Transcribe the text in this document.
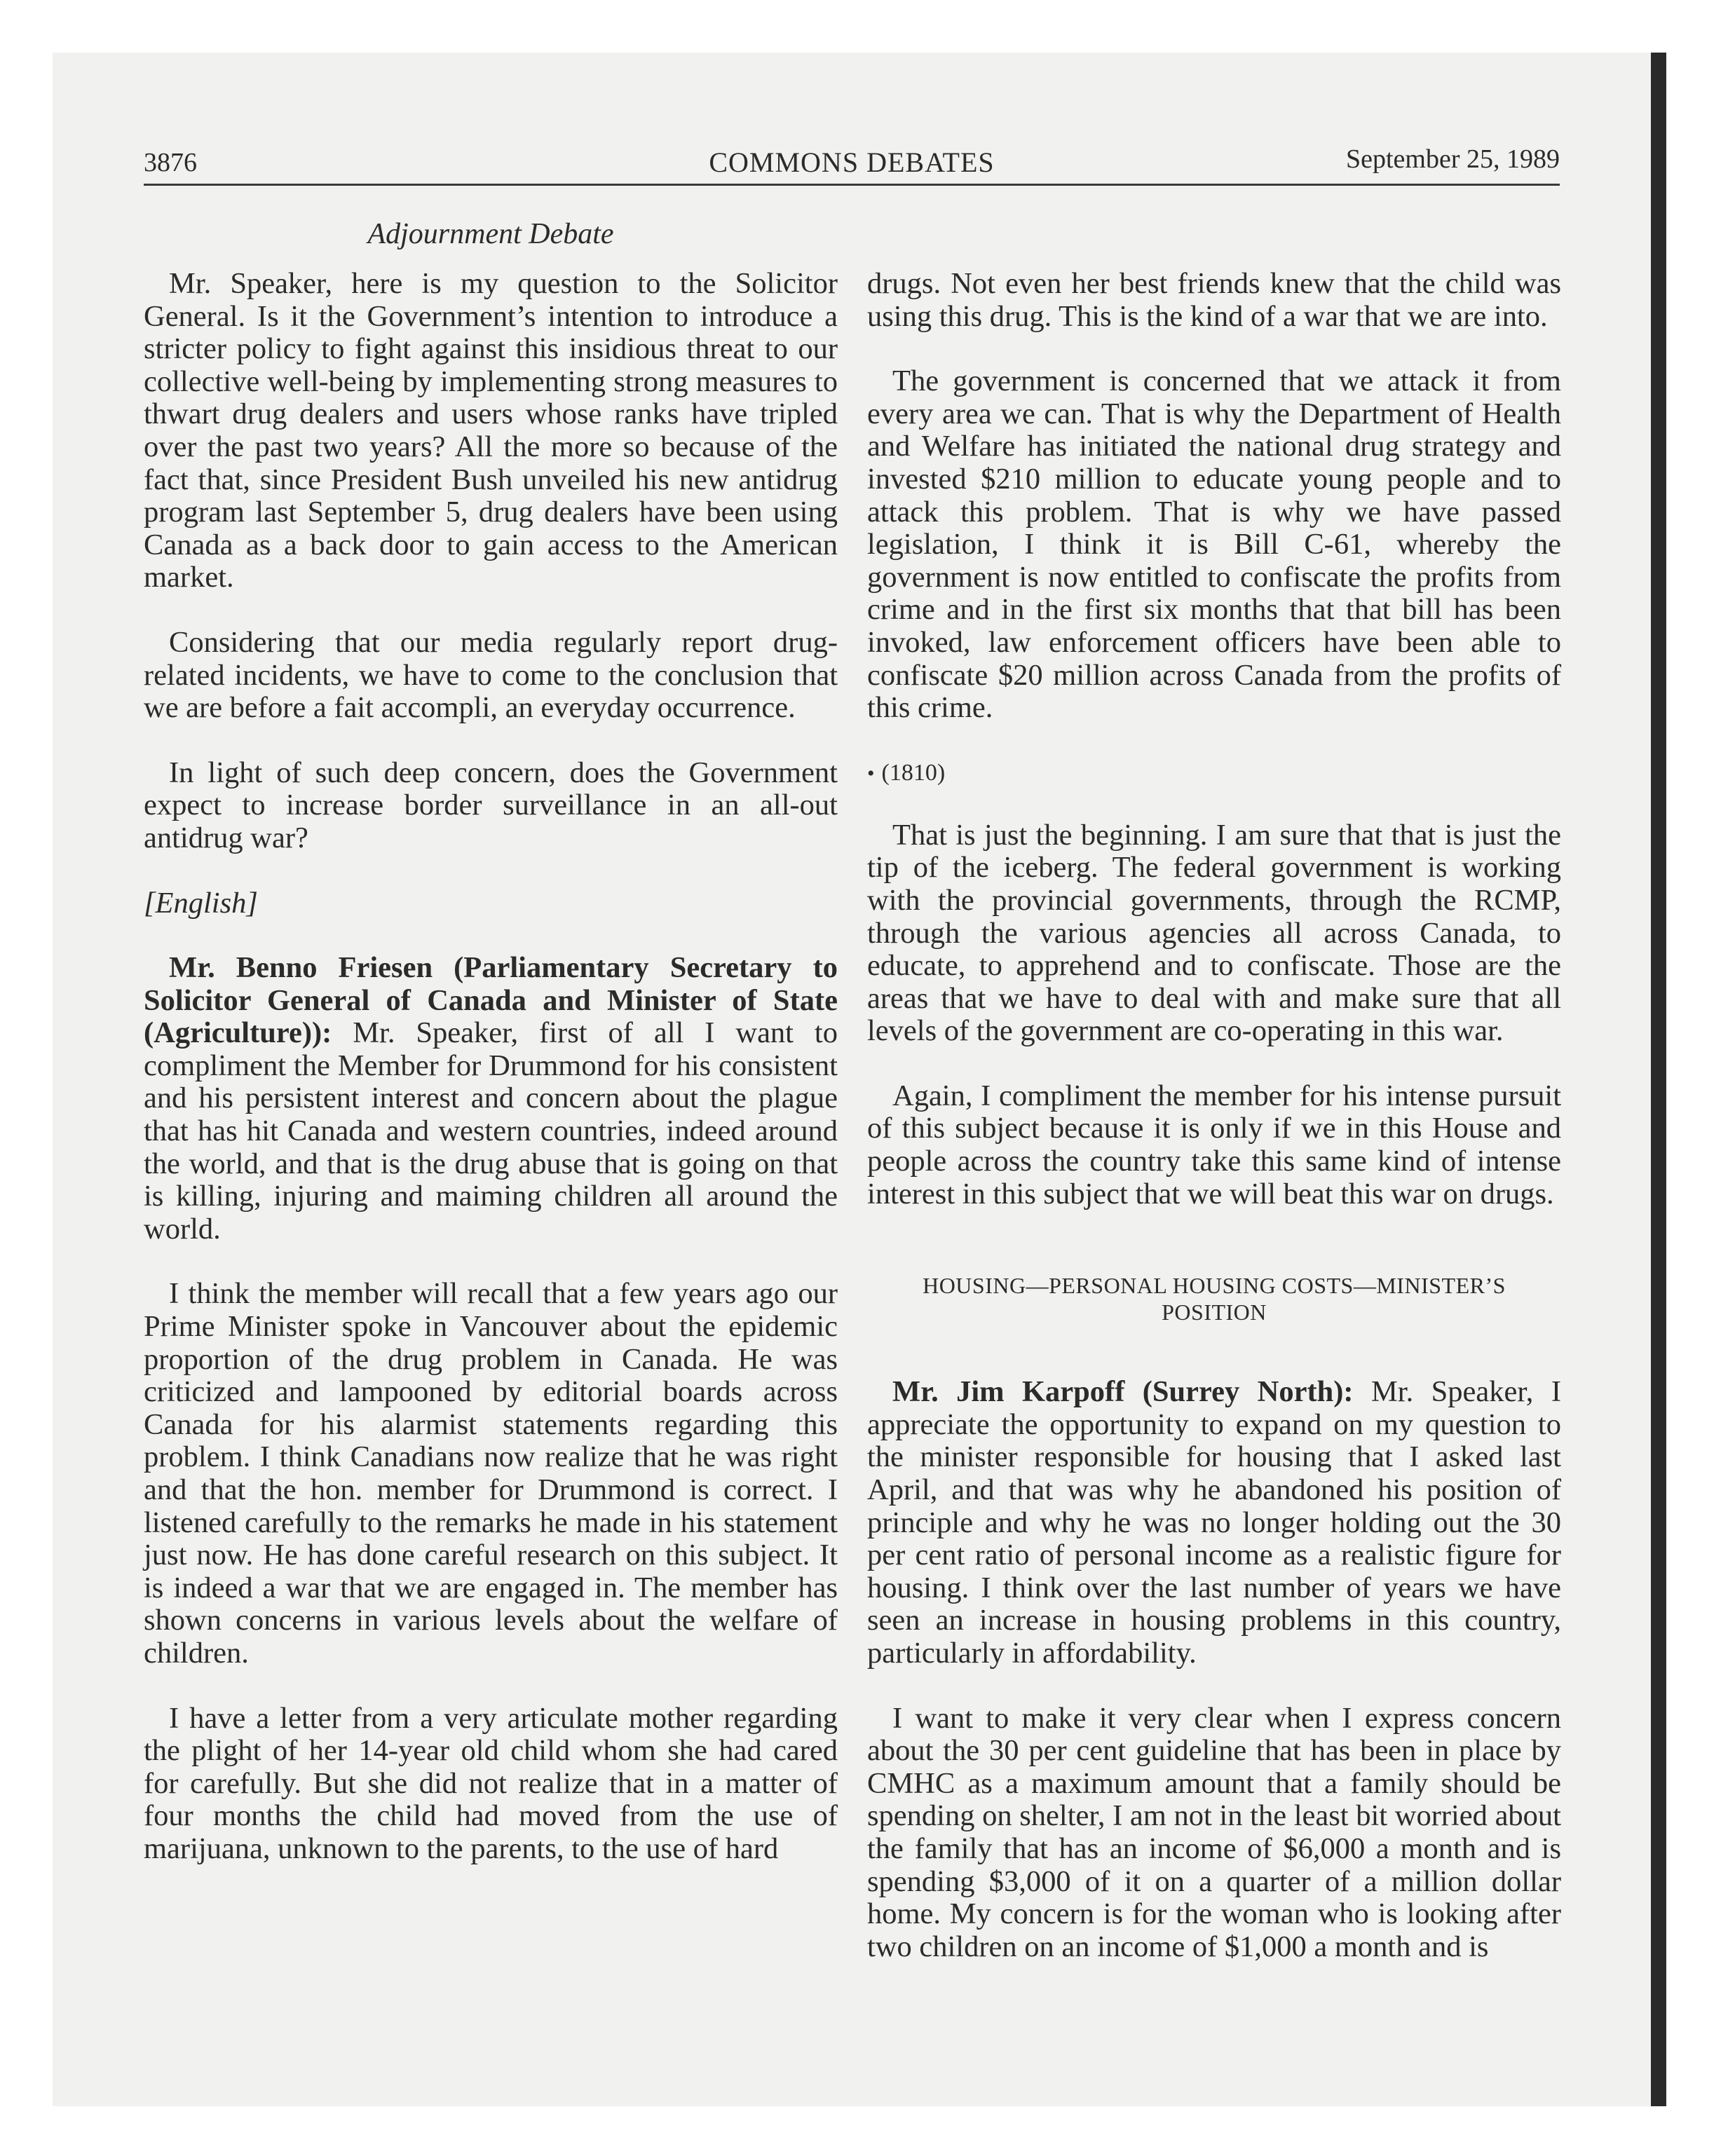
3876	COMMONS DEBATES	September 25, 1989
Adjournment Debate

Mr. Speaker, here is my question to the Solicitor General. Is it the Government’s intention to introduce a stricter policy to fight against this insidious threat to our collective well-being by implementing strong measures to thwart drug dealers and users whose ranks have tripled over the past two years? All the more so because of the fact that, since President Bush unveiled his new antidrug program last September 5, drug dealers have been using Canada as a back door to gain access to the American market.

Considering that our media regularly report drug-related incidents, we have to come to the conclusion that we are before a fait accompli, an everyday occurrence.

In light of such deep concern, does the Government expect to increase border surveillance in an all-out antidrug war?

[English]

Mr. Benno Friesen (Parliamentary Secretary to Solicitor General of Canada and Minister of State (Agriculture)): Mr. Speaker, first of all I want to compliment the Member for Drummond for his consistent and his persistent interest and concern about the plague that has hit Canada and western countries, indeed around the world, and that is the drug abuse that is going on that is killing, injuring and maiming children all around the world.

I think the member will recall that a few years ago our Prime Minister spoke in Vancouver about the epidemic proportion of the drug problem in Canada. He was criticized and lampooned by editorial boards across Canada for his alarmist statements regarding this problem. I think Canadians now realize that he was right and that the hon. member for Drummond is correct. I listened carefully to the remarks he made in his statement just now. He has done careful research on this subject. It is indeed a war that we are engaged in. The member has shown concerns in various levels about the welfare of children.

I have a letter from a very articulate mother regarding the plight of her 14-year old child whom she had cared for carefully. But she did not realize that in a matter of four months the child had moved from the use of marijuana, unknown to the parents, to the use of hard

drugs. Not even her best friends knew that the child was using this drug. This is the kind of a war that we are into.

The government is concerned that we attack it from every area we can. That is why the Department of Health and Welfare has initiated the national drug strategy and invested $210 million to educate young people and to attack this problem. That is why we have passed legislation, I think it is Bill C-61, whereby the government is now entitled to confiscate the profits from crime and in the first six months that that bill has been invoked, law enforcement officers have been able to confiscate $20 million across Canada from the profits of this crime.

• (1810)

That is just the beginning. I am sure that that is just the tip of the iceberg. The federal government is working with the provincial governments, through the RCMP, through the various agencies all across Canada, to educate, to apprehend and to confiscate. Those are the areas that we have to deal with and make sure that all levels of the government are co-operating in this war.

Again, I compliment the member for his intense pursuit of this subject because it is only if we in this House and people across the country take this same kind of intense interest in this subject that we will beat this war on drugs.

HOUSING—PERSONAL HOUSING COSTS—MINISTER’S POSITION

Mr. Jim Karpoff (Surrey North): Mr. Speaker, I appreciate the opportunity to expand on my question to the minister responsible for housing that I asked last April, and that was why he abandoned his position of principle and why he was no longer holding out the 30 per cent ratio of personal income as a realistic figure for housing. I think over the last number of years we have seen an increase in housing problems in this country, particularly in affordability.

I want to make it very clear when I express concern about the 30 per cent guideline that has been in place by CMHC as a maximum amount that a family should be spending on shelter, I am not in the least bit worried about the family that has an income of $6,000 a month and is spending $3,000 of it on a quarter of a million dollar home. My concern is for the woman who is looking after two children on an income of $1,000 a month and is
